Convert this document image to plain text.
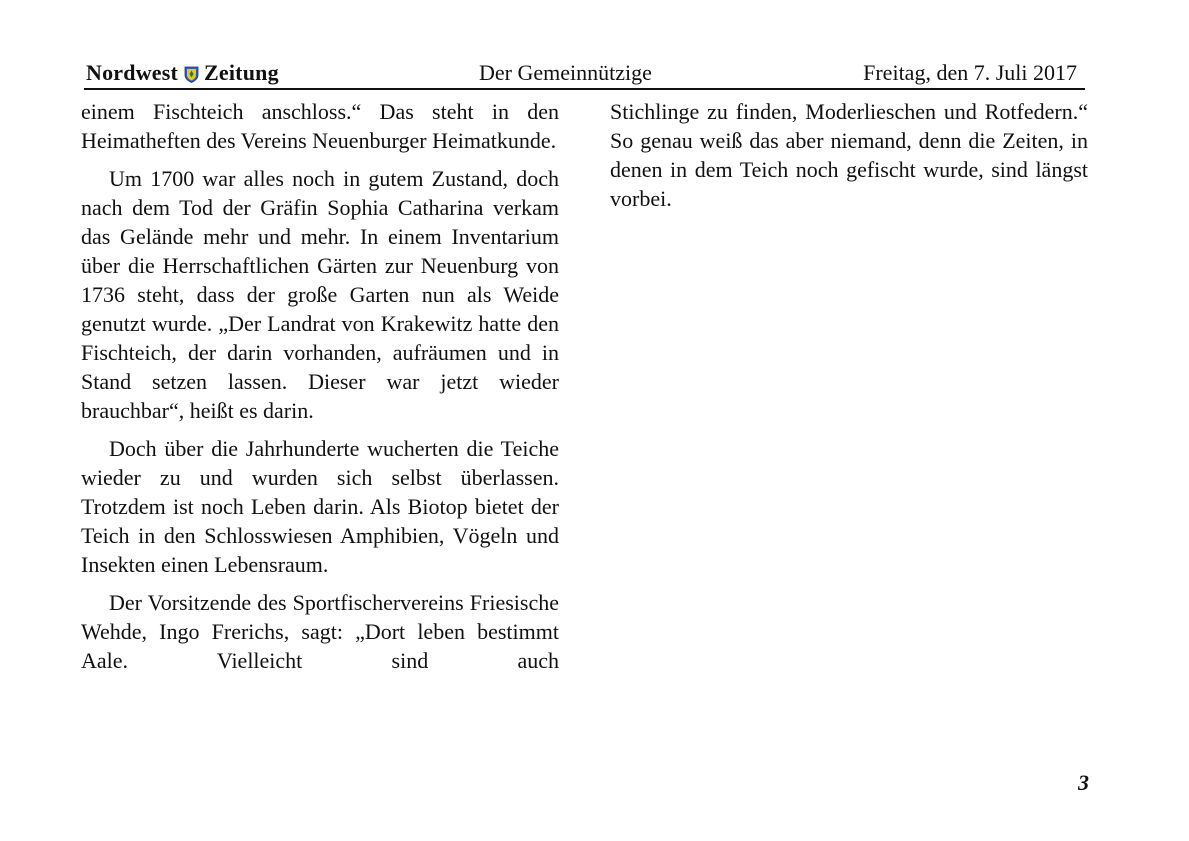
Nordwest Zeitung	Der Gemeinnützige	Freitag, den 7. Juli 2017

einem Fischteich anschloss.“ Das steht in den Heimatheften des Vereins Neuenburger Heimatkunde.

Um 1700 war alles noch in gutem Zustand, doch nach dem Tod der Gräfin Sophia Catharina verkam das Gelände mehr und mehr. In einem Inventarium über die Herrschaftlichen Gärten zur Neuenburg von 1736 steht, dass der große Garten nun als Weide genutzt wurde. „Der Landrat von Krakewitz hatte den Fischteich, der darin vorhanden, aufräumen und in Stand setzen lassen. Dieser war jetzt wieder brauchbar“, heißt es darin.

Doch über die Jahrhunderte wucherten die Teiche wieder zu und wurden sich selbst überlassen. Trotzdem ist noch Leben darin. Als Biotop bietet der Teich in den Schlosswiesen Amphibien, Vögeln und Insekten einen Lebensraum.

Der Vorsitzende des Sportfischervereins Friesische Wehde, Ingo Frerichs, sagt: „Dort leben bestimmt Aale. Vielleicht sind auch

Stichlinge zu finden, Moderlieschen und Rotfedern.“ So genau weiß das aber niemand, denn die Zeiten, in denen in dem Teich noch gefischt wurde, sind längst vorbei.

3
